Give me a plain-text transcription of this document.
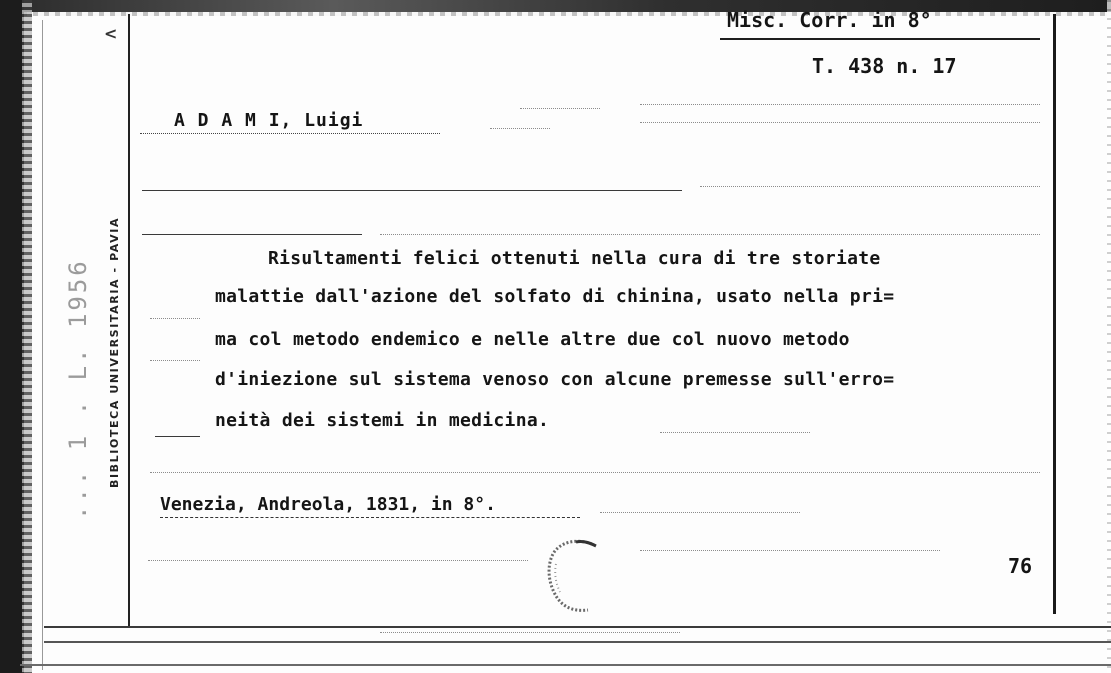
... 1 . L. 1956
<
BIBLIOTECA UNIVERSITARIA - PAVIA
Misc. Corr. in 8°
T. 438 n. 17
A D A M I, Luigi
Risultamenti felici ottenuti nella cura di tre storiate
malattie dall'azione del solfato di chinina, usato nella pri=
ma col metodo endemico e nelle altre due col nuovo metodo
d'iniezione sul sistema venoso con alcune premesse sull'erro=
neità dei sistemi in medicina.
Venezia, Andreola, 1831, in 8°.
76
